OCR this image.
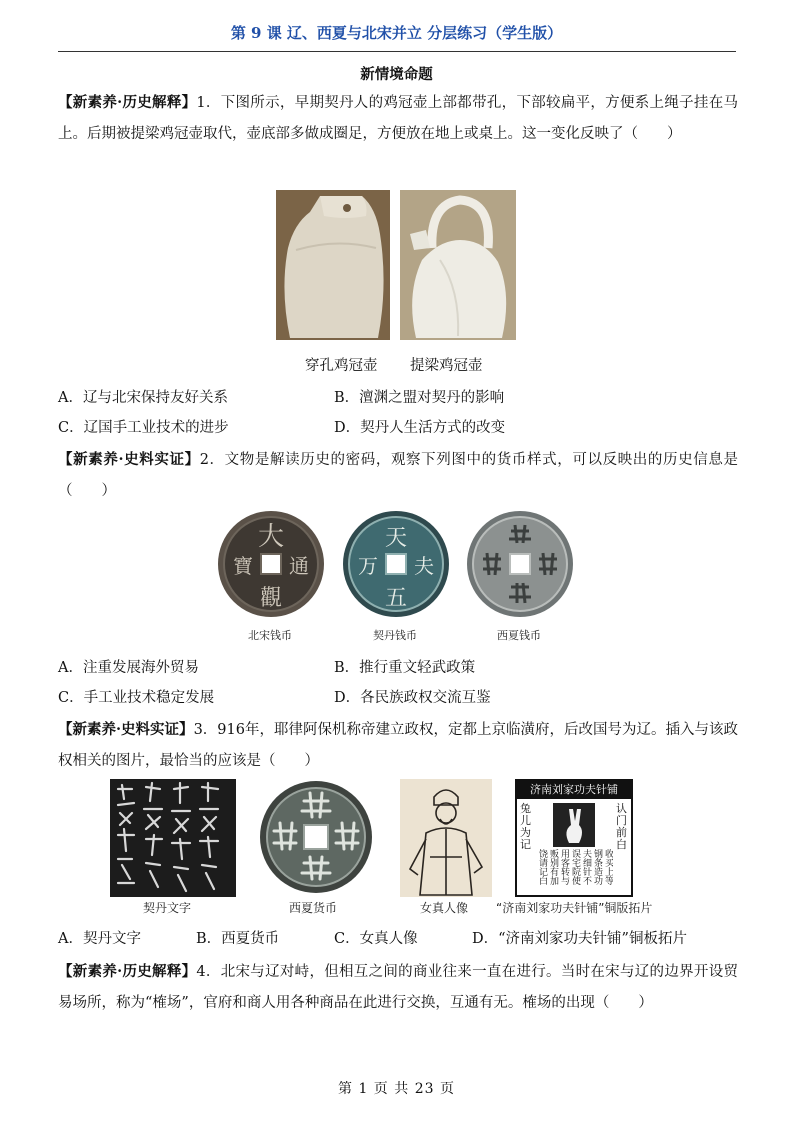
第 9 课 辽、西夏与北宋并立 分层练习（学生版）
新情境命题
【新素养·历史解释】1．下图所示，早期契丹人的鸡冠壶上部都带孔，下部较扁平，方便系上绳子挂在马上。后期被提梁鸡冠壶取代，壶底部多做成圈足，方便放在地上或桌上。这一变化反映了（　　）
穿孔鸡冠壶 提梁鸡冠壶
A．辽与北宋保持友好关系	B．澶渊之盟对契丹的影响
C．辽国手工业技术的进步	D．契丹人生活方式的改变
【新素养·史料实证】2．文物是解读历史的密码，观察下列图中的货币样式，可以反映出的历史信息是（　　）
大
觀
寶 通
天
五
万 夫
北宋钱币	契丹钱币	西夏钱币
A．注重发展海外贸易	B．推行重文轻武政策
C．手工业技术稳定发展	D．各民族政权交流互鉴
【新素养·史料实证】3．916年，耶律阿保机称帝建立政权，定都上京临潢府，后改国号为辽。插入与该政权相关的图片，最恰当的应该是（　　）
济南刘家功夫针铺
兔儿为记
认门前白
收买上等钢条造功夫细针不误宅院使用客转与贩别有加饶请记白
契丹文字	西夏货币	女真人像 “济南刘家功夫针铺”铜版拓片
A．契丹文字	B．西夏货币	C．女真人像	D．“济南刘家功夫针铺”铜板拓片
【新素养·历史解释】4．北宋与辽对峙，但相互之间的商业往来一直在进行。当时在宋与辽的边界开设贸易场所，称为“榷场”，官府和商人用各种商品在此进行交换，互通有无。榷场的出现（　　）
第 1 页 共 23 页
